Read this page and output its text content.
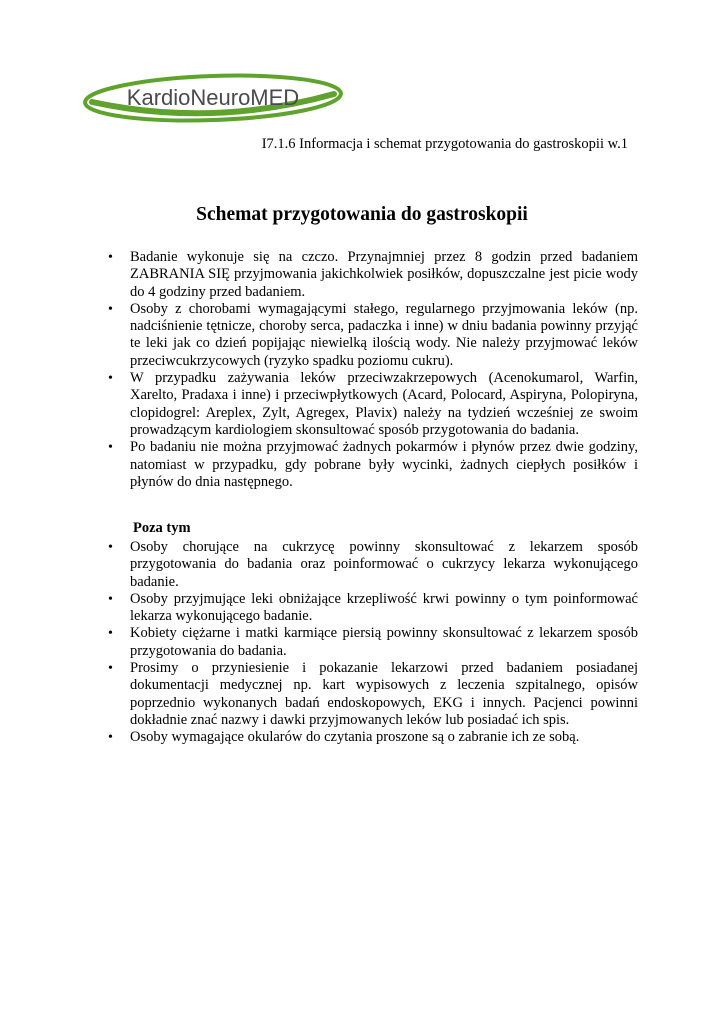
KardioNeuroMED
I7.1.6 Informacja i schemat przygotowania do gastroskopii w.1
Schemat przygotowania do gastroskopii
• Badanie wykonuje się na czczo. Przynajmniej przez 8 godzin przed badaniem ZABRANIA SIĘ przyjmowania jakichkolwiek posiłków, dopuszczalne jest picie wody do 4 godziny przed badaniem.
• Osoby z chorobami wymagającymi stałego, regularnego przyjmowania leków (np. nadciśnienie tętnicze, choroby serca, padaczka i inne) w dniu badania powinny przyjąć te leki jak co dzień popijając niewielką ilością wody. Nie należy przyjmować leków przeciwcukrzycowych (ryzyko spadku poziomu cukru).
• W przypadku zażywania leków przeciwzakrzepowych (Acenokumarol, Warfin, Xarelto, Pradaxa i inne) i przeciwpłytkowych (Acard, Polocard, Aspiryna, Polopiryna, clopidogrel: Areplex, Zylt, Agregex, Plavix) należy na tydzień wcześniej ze swoim prowadzącym kardiologiem skonsultować sposób przygotowania do badania.
• Po badaniu nie można przyjmować żadnych pokarmów i płynów przez dwie godziny, natomiast w przypadku, gdy pobrane były wycinki, żadnych ciepłych posiłków i płynów do dnia następnego.
Poza tym
• Osoby chorujące na cukrzycę powinny skonsultować z lekarzem sposób przygotowania do badania oraz poinformować o cukrzycy lekarza wykonującego badanie.
• Osoby przyjmujące leki obniżające krzepliwość krwi powinny o tym poinformować lekarza wykonującego badanie.
• Kobiety ciężarne i matki karmiące piersią powinny skonsultować z lekarzem sposób przygotowania do badania.
• Prosimy o przyniesienie i pokazanie lekarzowi przed badaniem posiadanej dokumentacji medycznej np. kart wypisowych z leczenia szpitalnego, opisów poprzednio wykonanych badań endoskopowych, EKG i innych. Pacjenci powinni dokładnie znać nazwy i dawki przyjmowanych leków lub posiadać ich spis.
• Osoby wymagające okularów do czytania proszone są o zabranie ich ze sobą.
